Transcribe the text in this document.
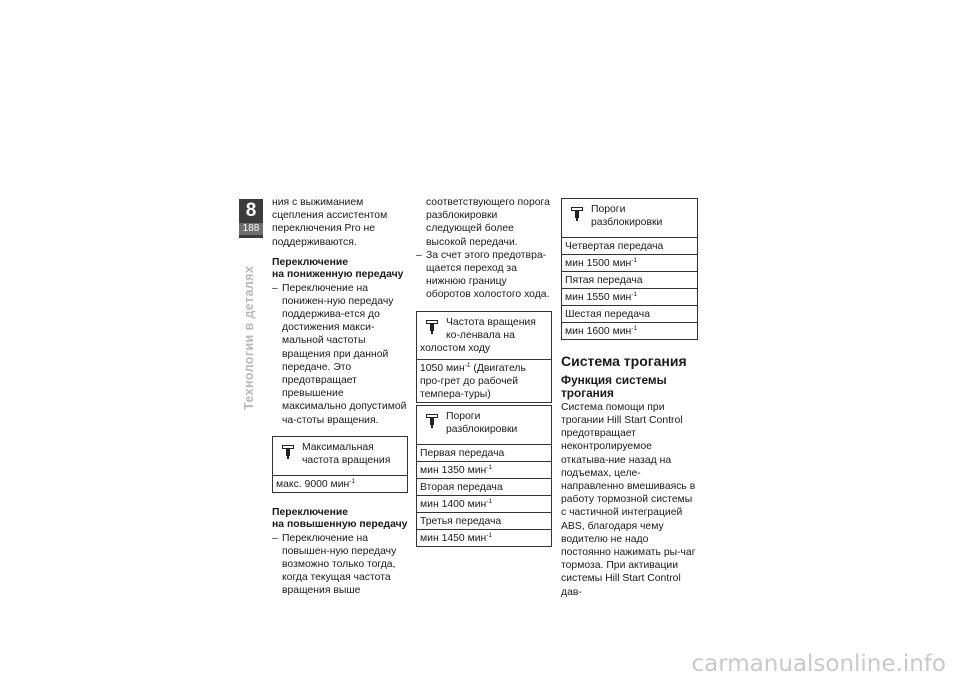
8
188
Технологии в деталях

ния с выжиманием сцепления ассистентом переключения Pro не поддерживаются.

Переключение
на пониженную передачу

– Переключение на понижен-ную передачу поддержива-ется до достижения макси-мальной частоты вращения при данной передаче. Это предотвращает превышение максимально допустимой ча-стоты вращения.

Максимальная частота вращения
макс. 9000 мин$^{-1}$
Переключение
на повышенную передачу

– Переключение на повышен-ную передачу возможно только тогда, когда текущая частота вращения выше

соответствующего порога разблокировки следующей более высокой передачи.

– За счет этого предотвра-щается переход за нижнюю границу оборотов холостого хода.

Частота вращения ко-ленвала на холостом ходу
1050 мин$^{-1}$ (Двигатель про-грет до рабочей темпера-туры)
Пороги разблокировки
Первая передача
мин 1350 мин$^{-1}$
Вторая передача
мин 1400 мин$^{-1}$
Третья передача
мин 1450 мин$^{-1}$
Пороги разблокировки
Четвертая передача
мин 1500 мин$^{-1}$
Пятая передача
мин 1550 мин$^{-1}$
Шестая передача
мин 1600 мин$^{-1}$
Система трогания
Функция системы
трогания

Система помощи при трогании Hill Start Control предотвращает неконтролируемое откатыва-ние назад на подъемах, целе-направленно вмешиваясь в работу тормозной системы с частичной интеграцией ABS, благодаря чему водителю не надо постоянно нажимать ры-чаг тормоза. При активации системы Hill Start Control дав-

carmanualsonline.info
